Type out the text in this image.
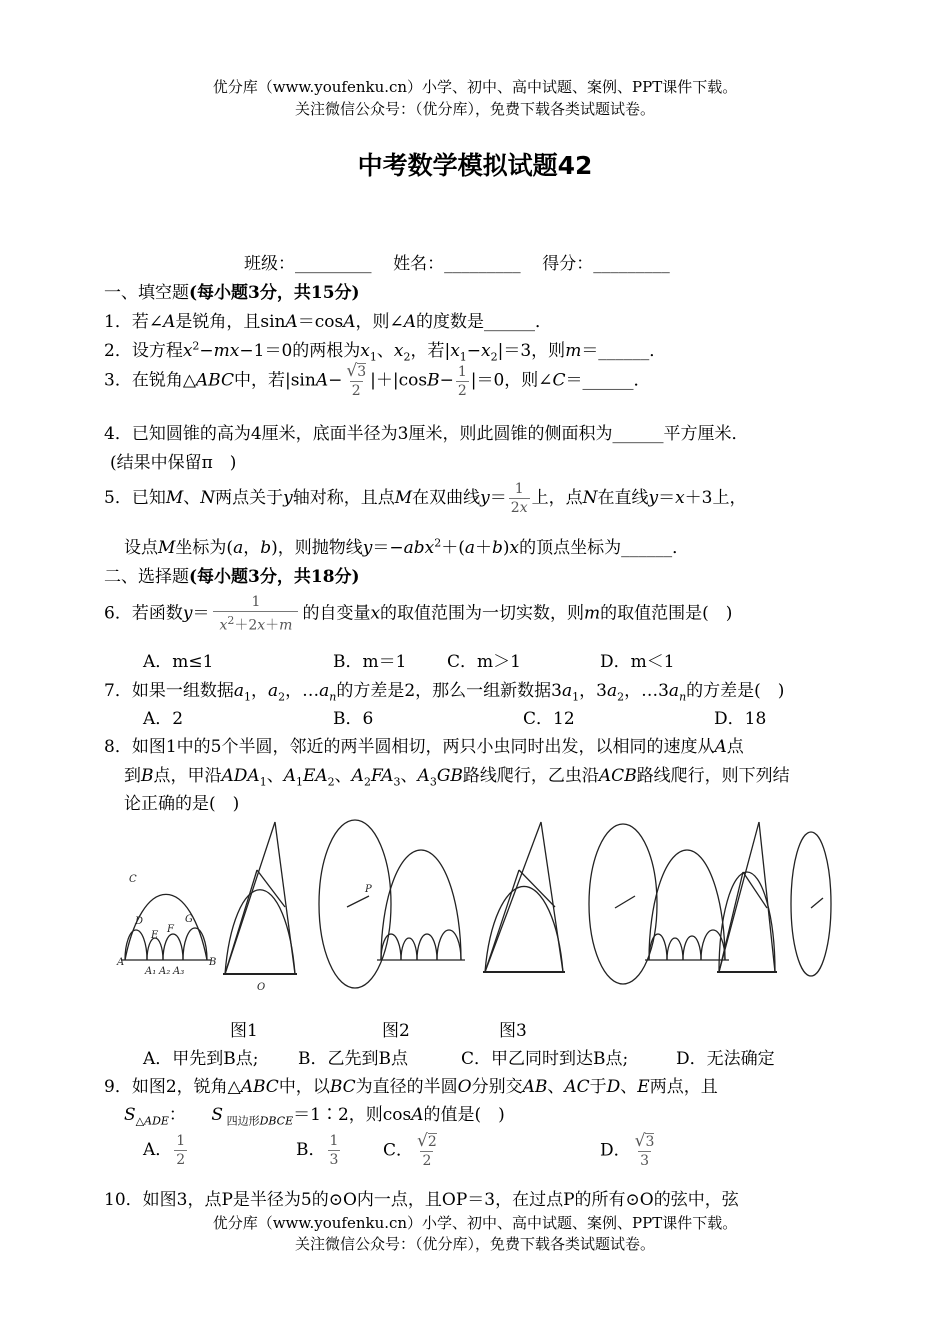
优分库（www.youfenku.cn）小学、初中、高中试题、案例、PPT课件下载。
关注微信公众号：（优分库），免费下载各类试题试卷。
中考数学模拟试题42
班级：_________ 姓名：_________ 得分：_________
一、填空题(每小题3分，共15分)
1．若∠A是锐角，且sinA＝cosA，则∠A的度数是______．
2．设方程$x^2-mx-1=0$的两根为$x_1$、$x_2$，若$|x_1-x_2|=3$，则m＝______．
3．在锐角△ABC中，若$|\sin A- \frac{√ 3}{2} |+|\cos B- \frac{1}{2} |=0$，则∠C＝______．
4．已知圆锥的高为4厘米，底面半径为3厘米，则此圆锥的侧面积为______平方厘米．
(结果中保留π　)
5．已知M、N两点关于y轴对称，且点M在双曲线$y= \frac{1}{2x}$ 上，点N在直线y＝x＋3上，
设点M坐标为(a，b)，则抛物线y＝−abx$^2$＋(a＋b)x的顶点坐标为______．
二、选择题(每小题3分，共18分)
6．若函数$y= \frac{1}{x^2+2x+m}$ 的自变量x的取值范围为一切实数，则m的取值范围是(　)
A．m≤1	B．m＝1 C．m＞1	D．m＜1
7．如果一组数据$a_1$，$a_2$，$\dots a_n$的方差是2，那么一组新数据$3a_1$，$3a_2$，$\dots 3a_n$的方差是(　)
A．2	B．6	C．12	D．18
8．如图1中的5个半圆，邻近的两半圆相切，两只小虫同时出发，以相同的速度从A点
到B点，甲沿$ADA_1$、$A_1EA_2$、$A_2FA_3$、$A_3GB$路线爬行，乙虫沿ACB路线爬行，则下列结
论正确的是(　)
A	B
C
D
E
F
G
O
P
A₁ A₂ A₃
图1	图2	图3
A．甲先到B点; B．乙先到B点	C．甲乙同时到达B点;	D．无法确定
9．如图2，锐角△ABC中，以BC为直径的半圆O分别交AB、AC于D、E两点，且
$S_{\triangle ADE}$：　　S $_{四边形DBCE}$＝1∶2，则cosA的值是(　)
A． $\frac{1}{2}$	B． $\frac{1}{3}$	C． $\frac{√ 2}{2}$	D． $\frac{√ 3}{3}$
10．如图3，点P是半径为5的⊙O内一点，且OP＝3，在过点P的所有⊙O的弦中，弦
优分库（www.youfenku.cn）小学、初中、高中试题、案例、PPT课件下载。
关注微信公众号：（优分库），免费下载各类试题试卷。
